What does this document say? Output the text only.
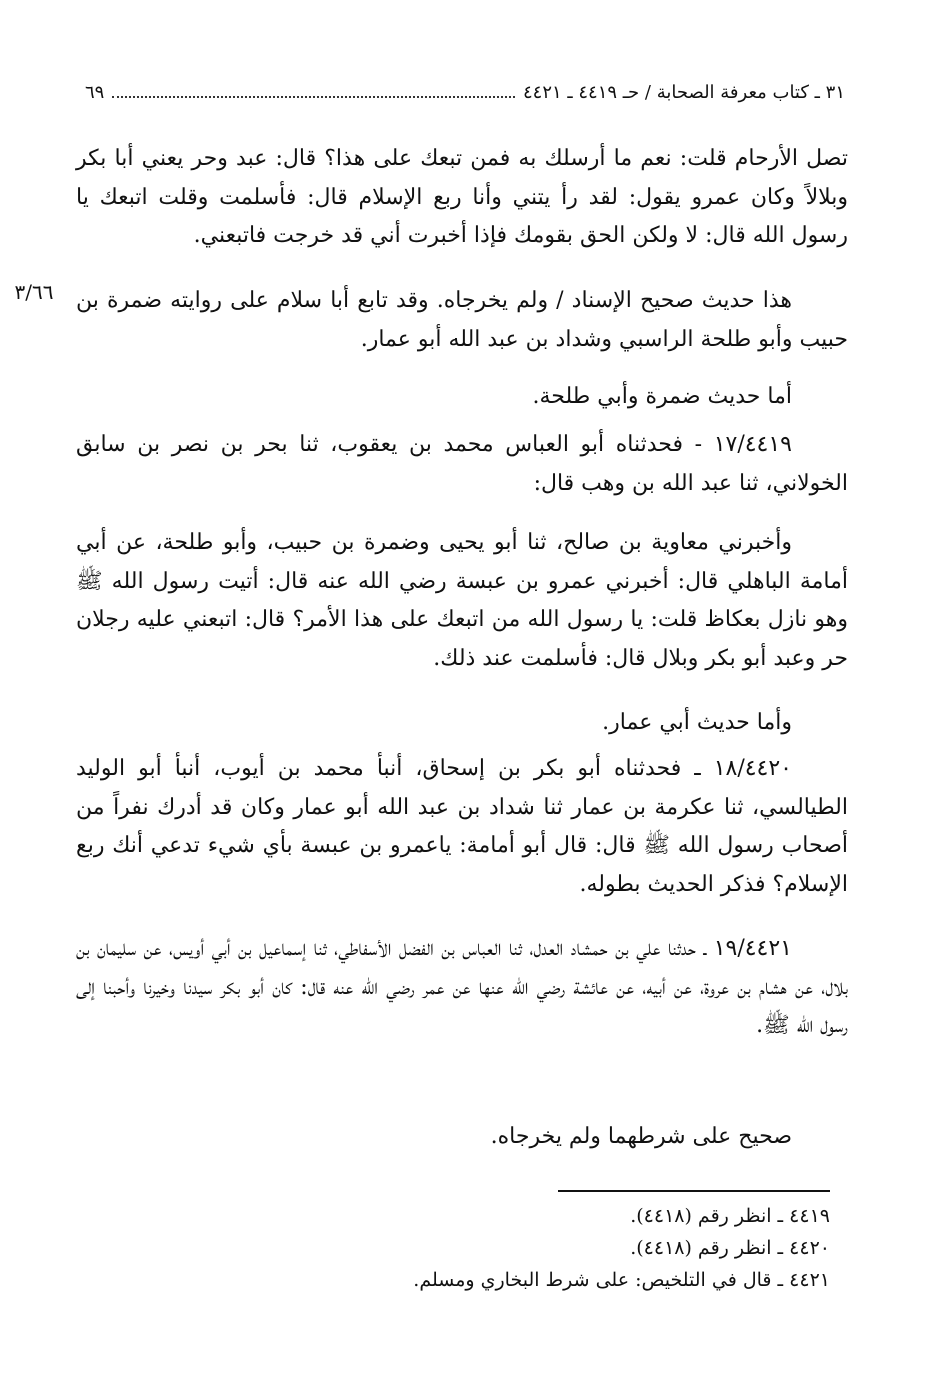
٣١ ـ كتاب معرفة الصحابة / حـ ٤٤١٩ ـ ٤٤٢١
٦٩
٣/٦٦

تصل الأرحام قلت: نعم ما أرسلك به فمن تبعك على هذا؟ قال: عبد وحر يعني أبا بكر وبلالاً وكان عمرو يقول: لقد رأ يتني وأنا ربع الإسلام قال: فأسلمت وقلت اتبعك يا رسول الله قال: لا ولكن الحق بقومك فإذا أخبرت أني قد خرجت فاتبعني.

هذا حديث صحيح الإسناد / ولم يخرجاه. وقد تابع أبا سلام على روايته ضمرة بن حبيب وأبو طلحة الراسبي وشداد بن عبد الله أبو عمار.

أما حديث ضمرة وأبي طلحة.

١٧/٤٤١٩ - فحدثناه أبو العباس محمد بن يعقوب، ثنا بحر بن نصر بن سابق الخولاني، ثنا عبد الله بن وهب قال:

وأخبرني معاوية بن صالح، ثنا أبو يحيى وضمرة بن حبيب، وأبو طلحة، عن أبي أمامة الباهلي قال: أخبرني عمرو بن عبسة رضي الله عنه قال: أتيت رسول الله ﷺ وهو نازل بعكاظ قلت: يا رسول الله من اتبعك على هذا الأمر؟ قال: اتبعني عليه رجلان حر وعبد أبو بكر وبلال قال: فأسلمت عند ذلك.

وأما حديث أبي عمار.

١٨/٤٤٢٠ ـ فحدثناه أبو بكر بن إسحاق، أنبأ محمد بن أيوب، أنبأ أبو الوليد الطيالسي، ثنا عكرمة بن عمار ثنا شداد بن عبد الله أبو عمار وكان قد أدرك نفراً من أصحاب رسول الله ﷺ قال: قال أبو أمامة: ياعمرو بن عبسة بأي شيء تدعي أنك ربع الإسلام؟ فذكر الحديث بطوله.

١٩/٤٤٢١ ـ حدثنا علي بن حمشاد العدل، ثنا العباس بن الفضل الأسفاطي، ثنا إسماعيل بن أبي أويس، عن سليمان بن بلال، عن هشام بن عروة، عن أبيه، عن عائشة رضي الله عنها عن عمر رضي الله عنه قال: كان أبو بكر سيدنا وخيرنا وأحبنا إلى رسول الله ﷺ.

صحيح على شرطهما ولم يخرجاه.

٤٤١٩ ـ انظر رقم (٤٤١٨).

٤٤٢٠ ـ انظر رقم (٤٤١٨).

٤٤٢١ ـ قال في التلخيص: على شرط البخاري ومسلم.
